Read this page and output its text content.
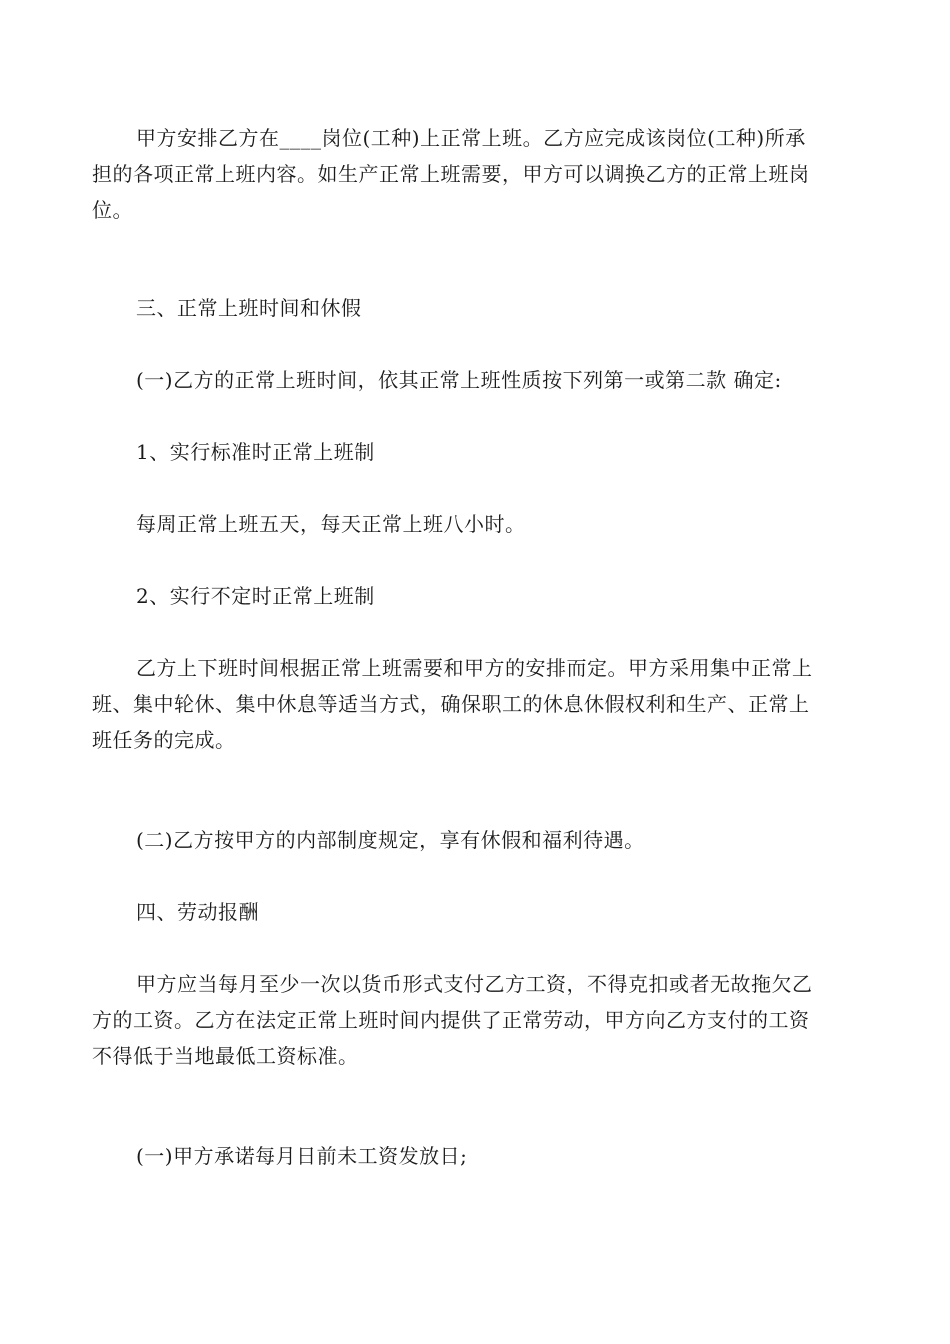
甲方安排乙方在____岗位(工种)上正常上班。乙方应完成该岗位(工种)所承
担的各项正常上班内容。如生产正常上班需要，甲方可以调换乙方的正常上班岗
位。
三、正常上班时间和休假
(一)乙方的正常上班时间，依其正常上班性质按下列第一或第二款 确定:
1、实行标准时正常上班制
每周正常上班五天，每天正常上班八小时。
2、实行不定时正常上班制
乙方上下班时间根据正常上班需要和甲方的安排而定。甲方采用集中正常上
班、集中轮休、集中休息等适当方式，确保职工的休息休假权利和生产、正常上
班任务的完成。
(二)乙方按甲方的内部制度规定，享有休假和福利待遇。
四、劳动报酬
甲方应当每月至少一次以货币形式支付乙方工资，不得克扣或者无故拖欠乙
方的工资。乙方在法定正常上班时间内提供了正常劳动，甲方向乙方支付的工资
不得低于当地最低工资标准。
(一)甲方承诺每月日前未工资发放日;
